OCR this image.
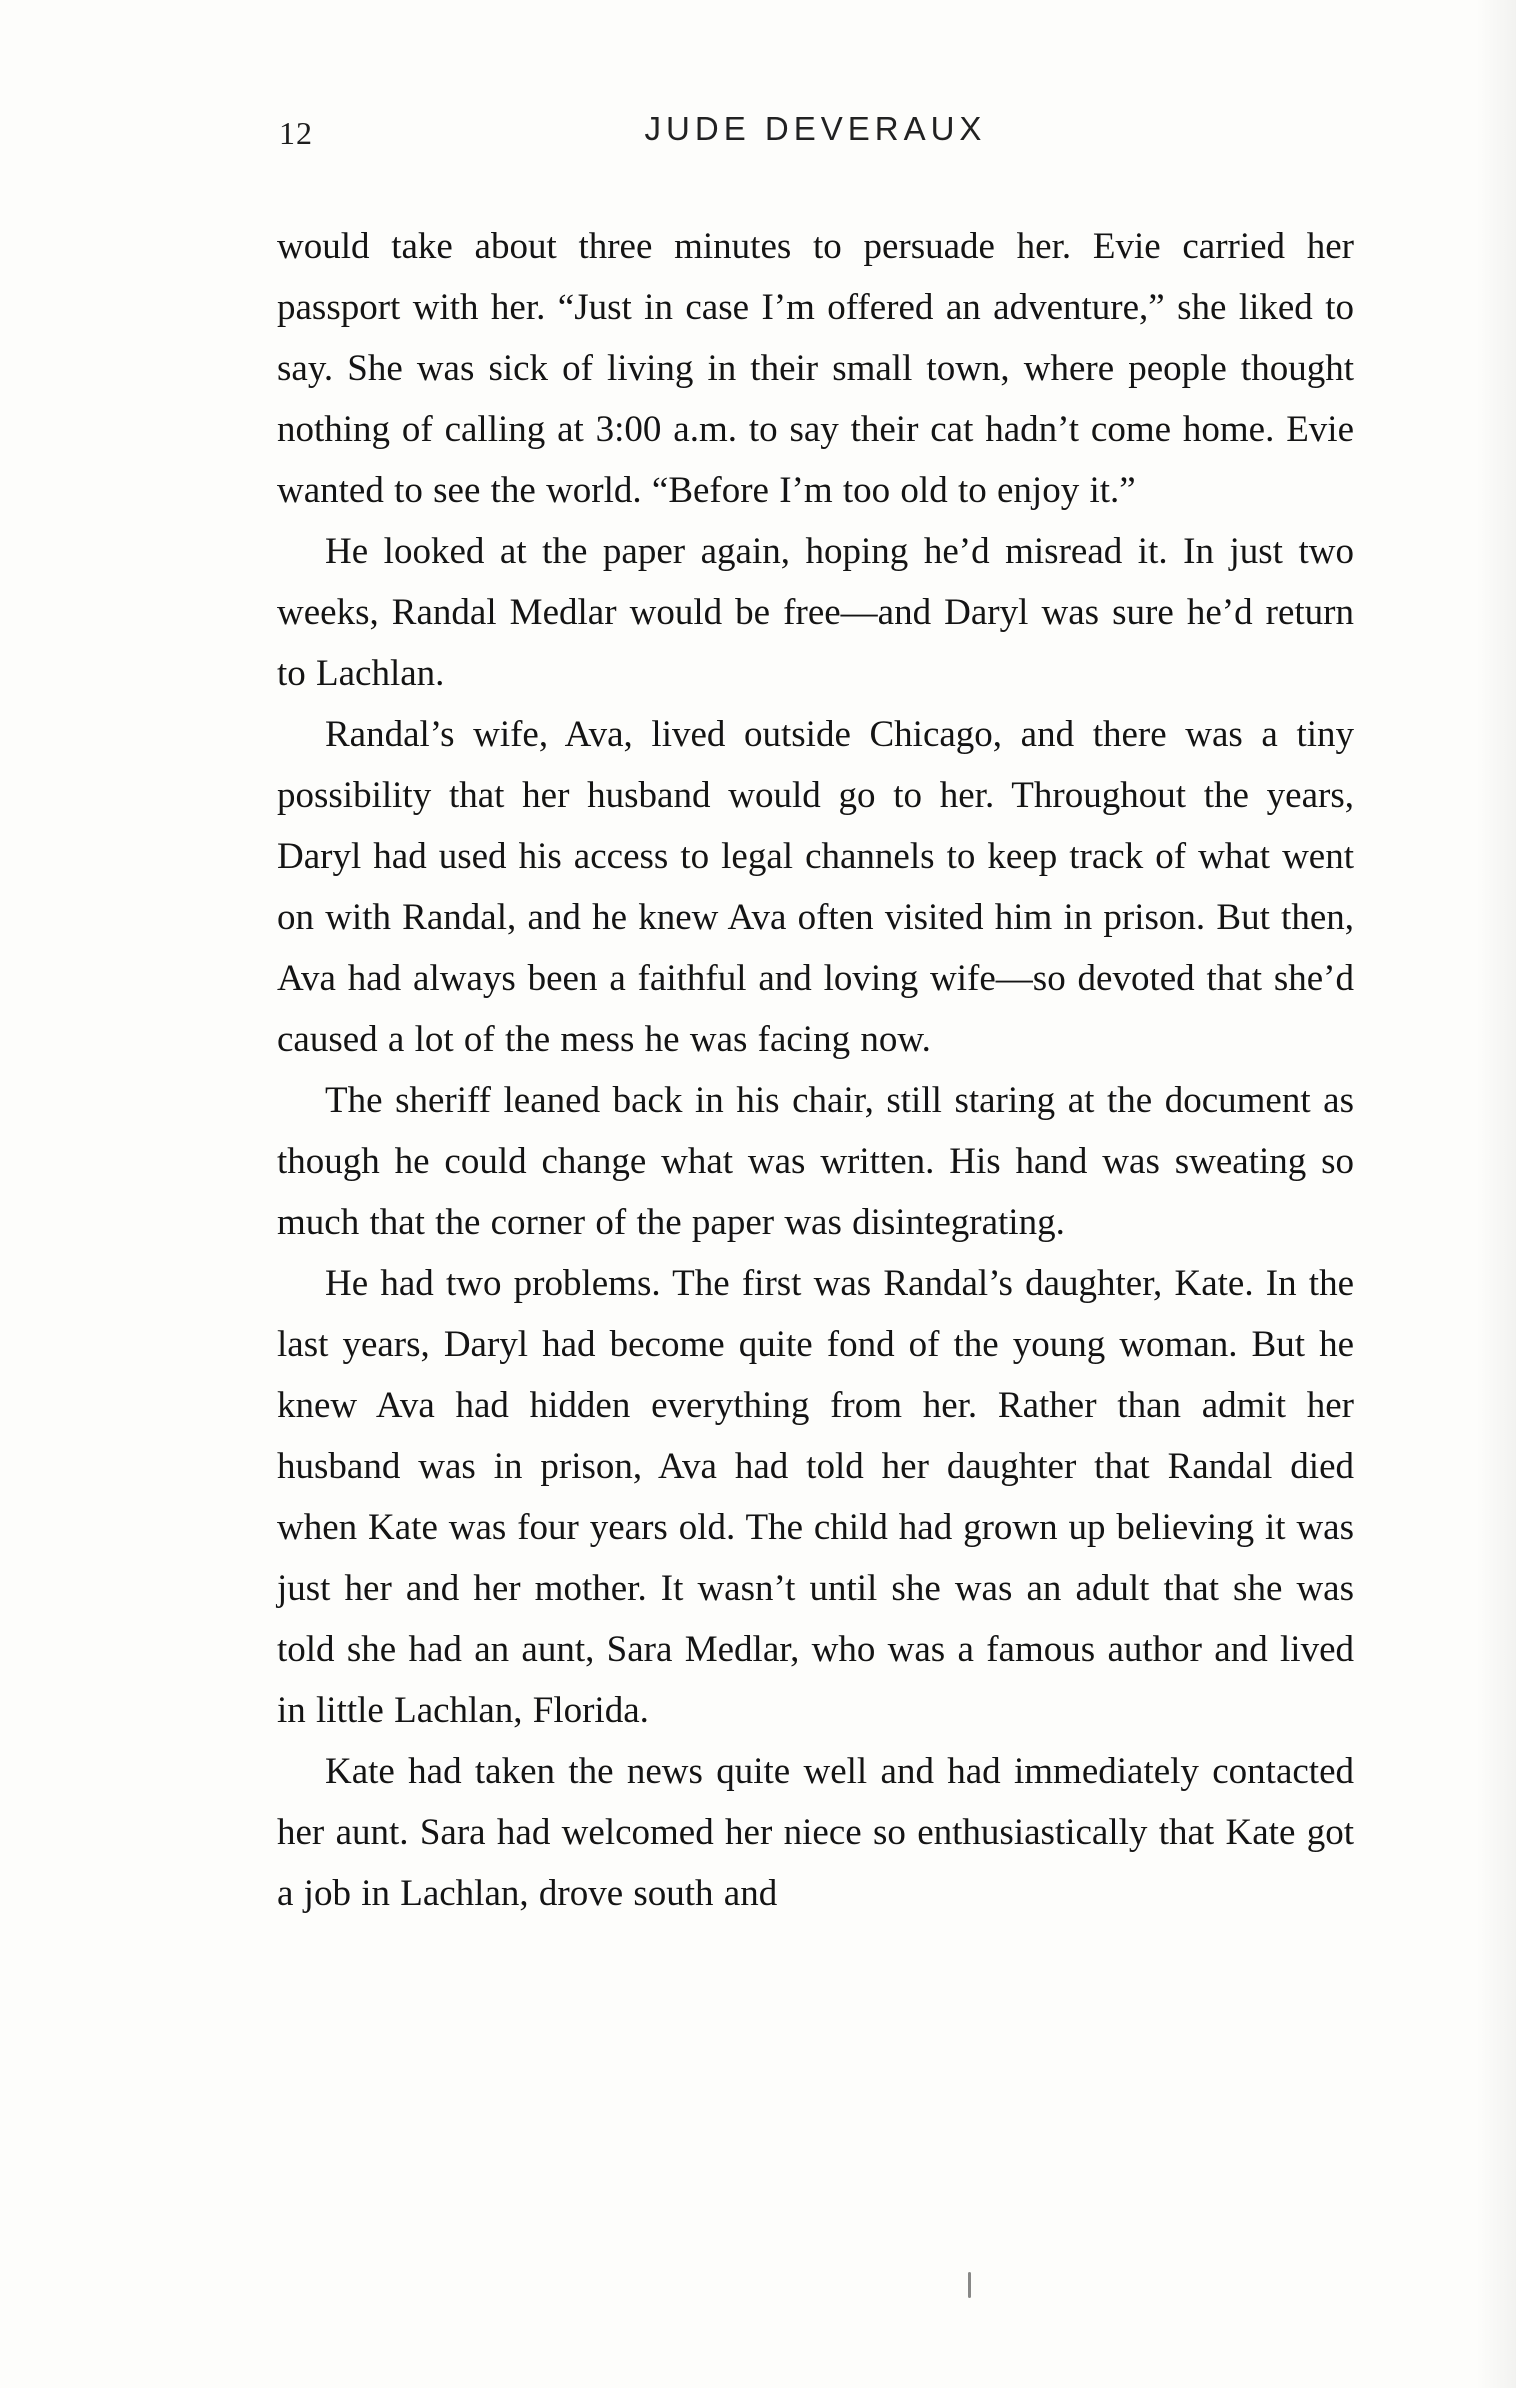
12	JUDE DEVERAUX

would take about three minutes to persuade her. Evie carried her passport with her. “Just in case I’m offered an adventure,” she liked to say. She was sick of living in their small town, where people thought nothing of calling at 3:00 a.m. to say their cat hadn’t come home. Evie wanted to see the world. “Before I’m too old to enjoy it.”

He looked at the paper again, hoping he’d misread it. In just two weeks, Randal Medlar would be free—and Daryl was sure he’d return to Lachlan.

Randal’s wife, Ava, lived outside Chicago, and there was a tiny possibility that her husband would go to her. Throughout the years, Daryl had used his access to legal channels to keep track of what went on with Randal, and he knew Ava often visited him in prison. But then, Ava had always been a faithful and loving wife—so devoted that she’d caused a lot of the mess he was facing now.

The sheriff leaned back in his chair, still staring at the document as though he could change what was written. His hand was sweating so much that the corner of the paper was disintegrating.

He had two problems. The first was Randal’s daughter, Kate. In the last years, Daryl had become quite fond of the young woman. But he knew Ava had hidden everything from her. Rather than admit her husband was in prison, Ava had told her daughter that Randal died when Kate was four years old. The child had grown up believing it was just her and her mother. It wasn’t until she was an adult that she was told she had an aunt, Sara Medlar, who was a famous author and lived in little Lachlan, Florida.

Kate had taken the news quite well and had immediately contacted her aunt. Sara had welcomed her niece so enthusiastically that Kate got a job in Lachlan, drove south and
